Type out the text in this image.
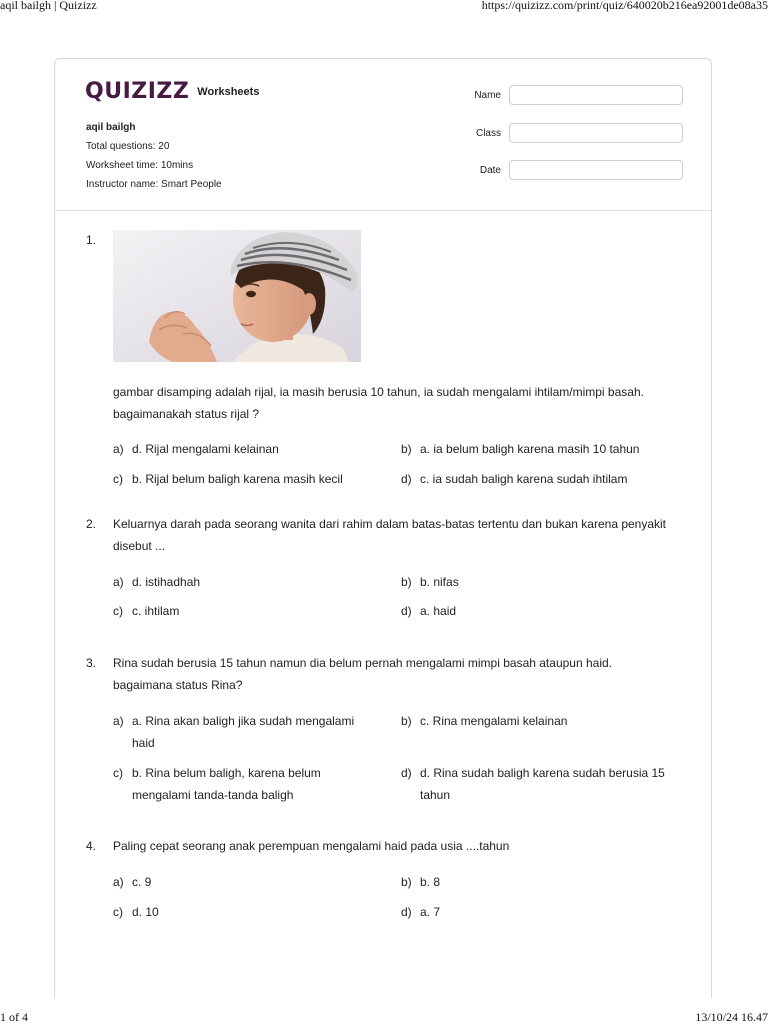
aqil bailgh | Quizizz	https://quizizz.com/print/quiz/640020b216ea92001de08a35
QUIZIZZ Worksheets
aqil bailgh
Total questions: 20
Worksheet time: 10mins
Instructor name: Smart People
Name
Class
Date
1.
gambar disamping adalah rijal, ia masih berusia 10 tahun, ia sudah mengalami ihtilam/mimpi basah. bagaimanakah status rijal ?
a) d. Rijal mengalami kelainan	b) a. ia belum baligh karena masih 10 tahun
c) b. Rijal belum baligh karena masih kecil	d) c. ia sudah baligh karena sudah ihtilam
2. Keluarnya darah pada seorang wanita dari rahim dalam batas-batas tertentu dan bukan karena penyakit disebut ...
a) d. istihadhah	b) b. nifas
c) c. ihtilam	d) a. haid
3. Rina sudah berusia 15 tahun namun dia belum pernah mengalami mimpi basah ataupun haid. bagaimana status Rina?
a) a. Rina akan baligh jika sudah mengalami haid
b) c. Rina mengalami kelainan
c) b. Rina belum baligh, karena belum mengalami tanda-tanda baligh
d) d. Rina sudah baligh karena sudah berusia 15 tahun
4. Paling cepat seorang anak perempuan mengalami haid pada usia ....tahun
a) c. 9	b) b. 8
c) d. 10	d) a. 7
1 of 4	13/10/24 16.47
